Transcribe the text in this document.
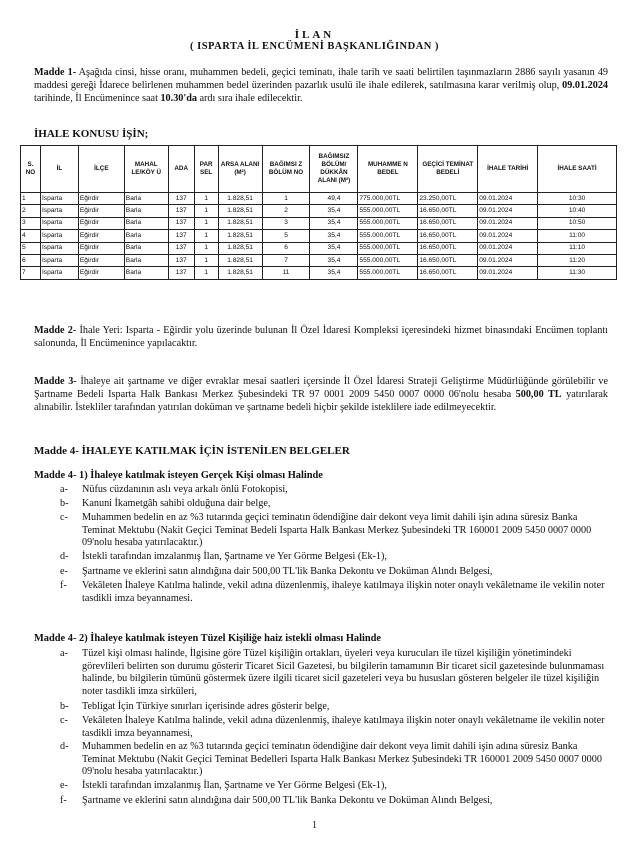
İLAN
( ISPARTA İL ENCÜMENİ BAŞKANLIĞINDAN )
Madde 1- Aşağıda cinsi, hisse oranı, muhammen bedeli, geçici teminatı, ihale tarih ve saati belirtilen taşınmazların 2886 sayılı yasanın 49 maddesi gereği İdarece belirlenen muhammen bedel üzerinden pazarlık usulü ile ihale edilerek, satılmasına karar verilmiş olup, 09.01.2024 tarihinde, İl Encümenince saat 10.30'da ardı sıra ihale edilecektir.
İHALE KONUSU İŞİN;
S. NO	İL	İLÇE	MAHAL LE/KÖY Ü	ADA	PAR SEL	ARSA ALANI (M²)	BAĞIMSI Z BÖLÜM NO	BAĞIMSIZ BÖLÜM/ DÜKKÂN ALANI (M²)	MUHAMME N BEDEL	GEÇİCİ TEMİNAT BEDELİ	İHALE TARİHİ	İHALE SAATİ
1	Isparta	Eğirdir	Barla	137	1	1.828,51	1	49,4	775.000,00TL	23.250,00TL	09.01.2024	10:30
2	Isparta	Eğirdir	Barla	137	1	1.828,51	2	35,4	555.000,00TL	16.650,00TL	09.01.2024	10:40
3	Isparta	Eğirdir	Barla	137	1	1.828,51	3	35,4	555.000,00TL	16.650,00TL	09.01.2024	10:50
4	Isparta	Eğirdir	Barla	137	1	1.828,51	5	35,4	555.000,00TL	16.650,00TL	09.01.2024	11:00
5	Isparta	Eğirdir	Barla	137	1	1.828,51	6	35,4	555.000,00TL	16.650,00TL	09.01.2024	11:10
6	Isparta	Eğirdir	Barla	137	1	1.828,51	7	35,4	555.000,00TL	16.650,00TL	09.01.2024	11:20
7	Isparta	Eğirdir	Barla	137	1	1.828,51	11	35,4	555.000,00TL	16.650,00TL	09.01.2024	11:30
Madde 2- İhale Yeri: Isparta - Eğirdir yolu üzerinde bulunan İl Özel İdaresi Kompleksi içeresindeki hizmet binasındaki Encümen toplantı salonunda, İl Encümenince yapılacaktır.
Madde 3- İhaleye ait şartname ve diğer evraklar mesai saatleri içersinde İl Özel İdaresi Strateji Geliştirme Müdürlüğünde görülebilir ve Şartname Bedeli Isparta Halk Bankası Merkez Şubesindeki TR 97 0001 2009 5450 0007 0000 06'nolu hesaba 500,00 TL yatırılarak alınabilir. İstekliler tarafından yatırılan doküman ve şartname bedeli hiçbir şekilde isteklilere iade edilmeyecektir.
Madde 4- İHALEYE KATILMAK İÇİN İSTENİLEN BELGELER
Madde 4- 1) İhaleye katılmak isteyen Gerçek Kişi olması Halinde
a- Nüfus cüzdanının aslı veya arkalı önlü Fotokopisi,
b- Kanuni İkametgâh sahibi olduğuna dair belge,
c- Muhammen bedelin en az %3 tutarında geçici teminatın ödendiğine dair dekont veya limit dahili işin adına süresiz Banka Teminat Mektubu (Nakit Geçici Teminat Bedeli Isparta Halk Bankası Merkez Şubesindeki TR 160001 2009 5450 0007 0000 09'nolu hesaba yatırılacaktır.)
d- İstekli tarafından imzalanmış İlan, Şartname ve Yer Görme Belgesi (Ek-1),
e- Şartname ve eklerini satın alındığına dair 500,00 TL'lik Banka Dekontu ve Doküman Alındı Belgesi,
f- Vekâleten İhaleye Katılma halinde, vekil adına düzenlenmiş, ihaleye katılmaya ilişkin noter onaylı vekâletname ile vekilin noter tasdikli imza beyannamesi.
Madde 4- 2) İhaleye katılmak isteyen Tüzel Kişiliğe haiz istekli olması Halinde
a- Tüzel kişi olması halinde, İlgisine göre Tüzel kişiliğin ortakları, üyeleri veya kurucuları ile tüzel kişiliğin yönetimindeki görevlileri belirten son durumu gösterir Ticaret Sicil Gazetesi, bu bilgilerin tamamının Bir ticaret sicil gazetesinde bulunmaması halinde, bu bilgilerin tümünü göstermek üzere ilgili ticaret sicil gazeteleri veya bu hususları gösteren belgeler ile tüzel kişiliğin noter tasdikli imza sirküleri,
b- Tebligat İçin Türkiye sınırları içerisinde adres gösterir belge,
c- Vekâleten İhaleye Katılma halinde, vekil adına düzenlenmiş, ihaleye katılmaya ilişkin noter onaylı vekâletname ile vekilin noter tasdikli imza beyannamesi,
d- Muhammen bedelin en az %3 tutarında geçici teminatın ödendiğine dair dekont veya limit dahili işin adına süresiz Banka Teminat Mektubu (Nakit Geçici Teminat Bedelleri Isparta Halk Bankası Merkez Şubesindeki TR 160001 2009 5450 0007 0000 09'nolu hesaba yatırılacaktır.)
e- İstekli tarafından imzalanmış İlan, Şartname ve Yer Görme Belgesi (Ek-1),
f- Şartname ve eklerini satın alındığına dair 500,00 TL'lik Banka Dekontu ve Doküman Alındı Belgesi,
1
